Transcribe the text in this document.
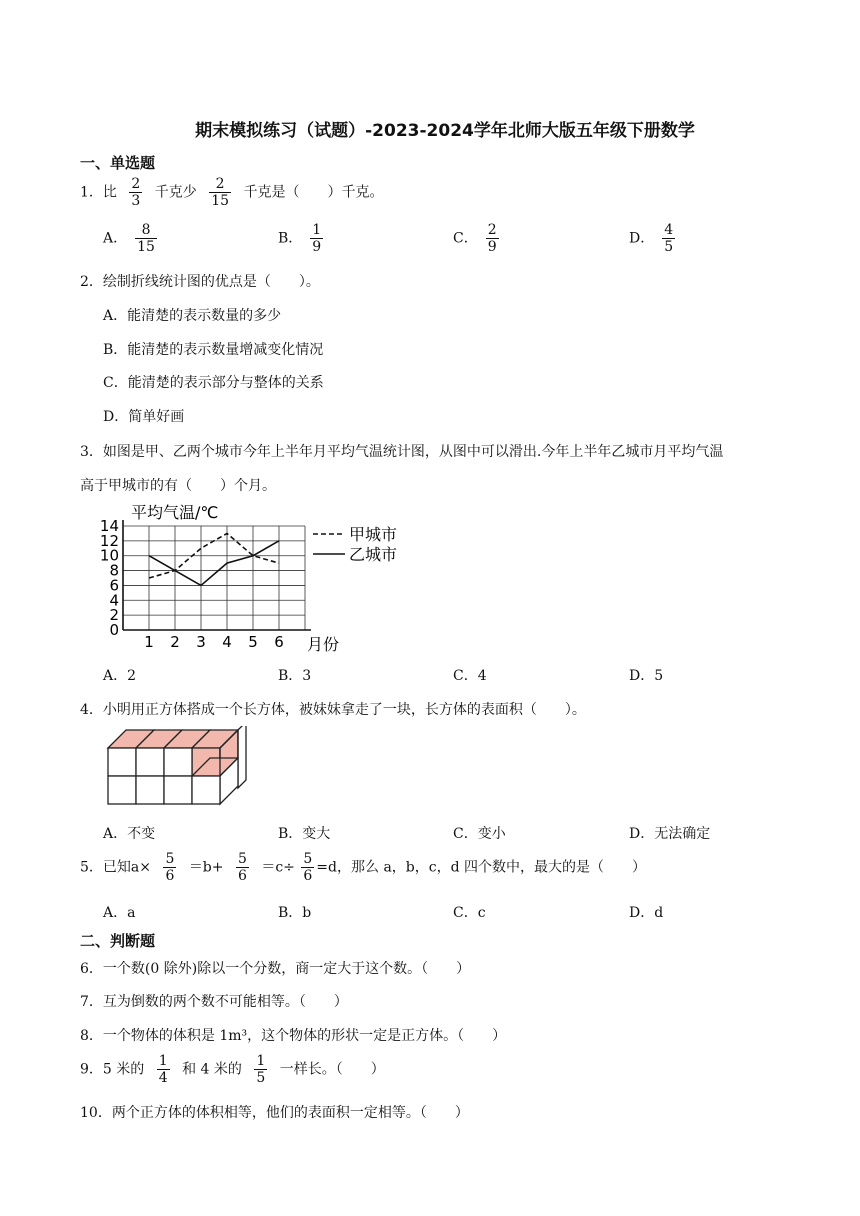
期末模拟练习（试题）-2023-2024学年北师大版五年级下册数学
一、单选题
1．比 $\frac{2}{3}$ 千克少 $\frac{2}{15}$ 千克是（　　）千克。
A． $\frac{8}{15}$	B． $\frac{1}{9}$	C． $\frac{2}{9}$	D． $\frac{4}{5}$
2．绘制折线统计图的优点是（　　）。
A．能清楚的表示数量的多少
B．能清楚的表示数量增减变化情况
C．能清楚的表示部分与整体的关系
D．简单好画
3．如图是甲、乙两个城市今年上半年月平均气温统计图，从图中可以滑出.今年上半年乙城市月平均气温
高于甲城市的有（　　）个月。
0
2
4
6
8
10
12
14
1 2 3 4 5 6
甲城市
乙城市
平均气温/℃
月份
A．2	B．3	C．4	D．5
4．小明用正方体搭成一个长方体，被妹妹拿走了一块，长方体的表面积（　　）。
A．不变	B．变大	C．变小	D．无法确定
5．已知$a\times \frac{5}{6} =b+ \frac{5}{6} =c\div \frac{5}{6} =d$，那么 a，b，c，d 四个数中，最大的是（　　）
A．a	B．b	C．c	D．d
二、判断题
6．一个数(0 除外)除以一个分数，商一定大于这个数。（　　）
7．互为倒数的两个数不可能相等。（　　）
8．一个物体的体积是 1m³，这个物体的形状一定是正方体。（　　）
9．5 米的 $\frac{1}{4}$ 和 4 米的 $\frac{1}{5}$ 一样长。（　　）
10．两个正方体的体积相等，他们的表面积一定相等。（　　）
